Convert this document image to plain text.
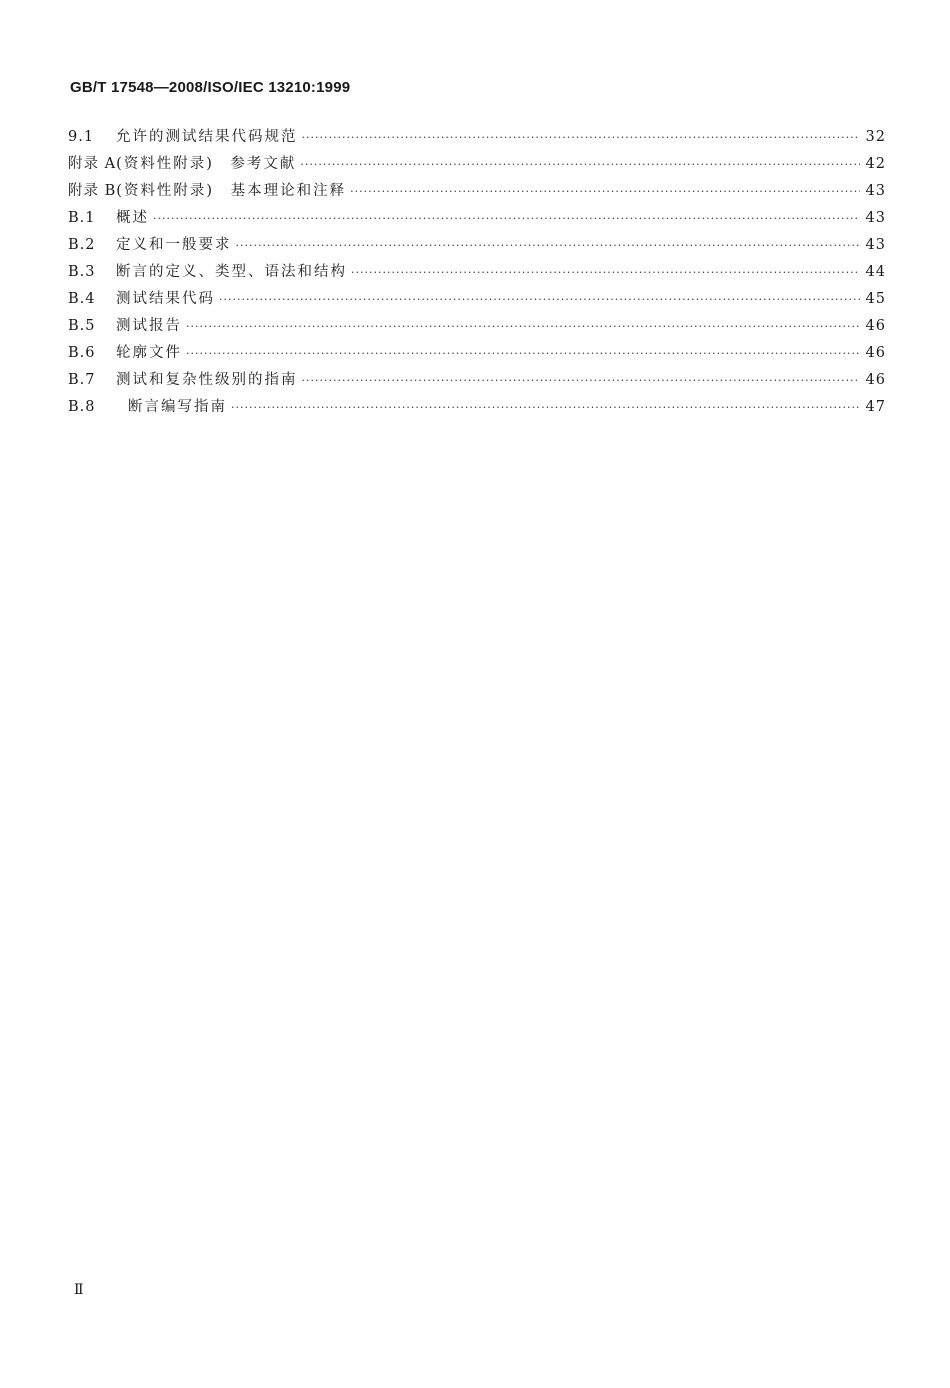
GB/T 17548—2008/ISO/IEC 13210:1999
9.1	允许的测试结果代码规范 ·····	32
附录 A (资料性附录)　参考文献 ·····	42
附录 B (资料性附录)　基本理论和注释 ·····	43
B.1	概述 ·····	43
B.2	定义和一般要求 ·····	43
B.3	断言的定义、类型、语法和结构 ·····	44
B.4	测试结果代码 ·····	45
B.5	测试报告 ·····	46
B.6	轮廓文件 ·····	46
B.7	测试和复杂性级别的指南 ·····	46
B.8	断言编写指南 ·····	47
Ⅱ
